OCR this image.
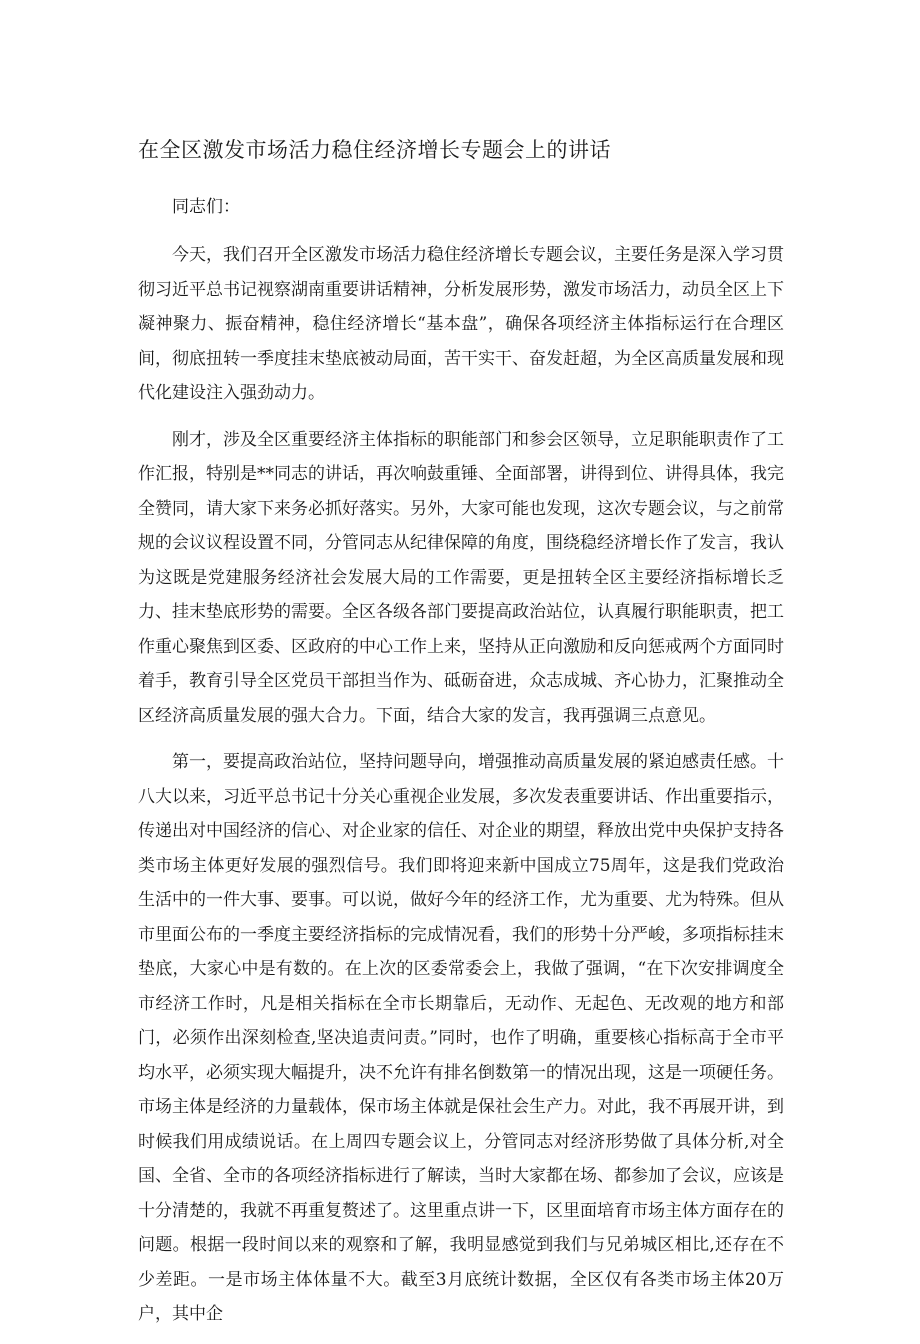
在全区激发市场活力稳住经济增长专题会上的讲话

同志们：

今天，我们召开全区激发市场活力稳住经济增长专题会议，主要任务是深入学习贯彻习近平总书记视察湖南重要讲话精神，分析发展形势，激发市场活力，动员全区上下凝神聚力、振奋精神，稳住经济增长“基本盘”，确保各项经济主体指标运行在合理区间，彻底扭转一季度挂末垫底被动局面，苦干实干、奋发赶超，为全区高质量发展和现代化建设注入强劲动力。

刚才，涉及全区重要经济主体指标的职能部门和参会区领导，立足职能职责作了工作汇报，特别是**同志的讲话，再次响鼓重锤、全面部署，讲得到位、讲得具体，我完全赞同，请大家下来务必抓好落实。另外，大家可能也发现，这次专题会议，与之前常规的会议议程设置不同，分管同志从纪律保障的角度，围绕稳经济增长作了发言，我认为这既是党建服务经济社会发展大局的工作需要，更是扭转全区主要经济指标增长乏力、挂末垫底形势的需要。全区各级各部门要提高政治站位，认真履行职能职责，把工作重心聚焦到区委、区政府的中心工作上来，坚持从正向激励和反向惩戒两个方面同时着手，教育引导全区党员干部担当作为、砥砺奋进，众志成城、齐心协力，汇聚推动全区经济高质量发展的强大合力。下面，结合大家的发言，我再强调三点意见。

第一，要提高政治站位，坚持问题导向，增强推动高质量发展的紧迫感责任感。十八大以来，习近平总书记十分关心重视企业发展，多次发表重要讲话、作出重要指示，传递出对中国经济的信心、对企业家的信任、对企业的期望，释放出党中央保护支持各类市场主体更好发展的强烈信号。我们即将迎来新中国成立75周年，这是我们党政治生活中的一件大事、要事。可以说，做好今年的经济工作，尤为重要、尤为特殊。但从市里面公布的一季度主要经济指标的完成情况看，我们的形势十分严峻，多项指标挂末垫底，大家心中是有数的。在上次的区委常委会上，我做了强调，“在下次安排调度全市经济工作时，凡是相关指标在全市长期靠后，无动作、无起色、无改观的地方和部门，必须作出深刻检查,坚决追责问责。”同时，也作了明确，重要核心指标高于全市平均水平，必须实现大幅提升，决不允许有排名倒数第一的情况出现，这是一项硬任务。市场主体是经济的力量载体，保市场主体就是保社会生产力。对此，我不再展开讲，到时候我们用成绩说话。在上周四专题会议上，分管同志对经济形势做了具体分析,对全国、全省、全市的各项经济指标进行了解读，当时大家都在场、都参加了会议，应该是十分清楚的，我就不再重复赘述了。这里重点讲一下，区里面培育市场主体方面存在的问题。根据一段时间以来的观察和了解，我明显感觉到我们与兄弟城区相比,还存在不少差距。一是市场主体体量不大。截至3月底统计数据，全区仅有各类市场主体20万户，其中企
